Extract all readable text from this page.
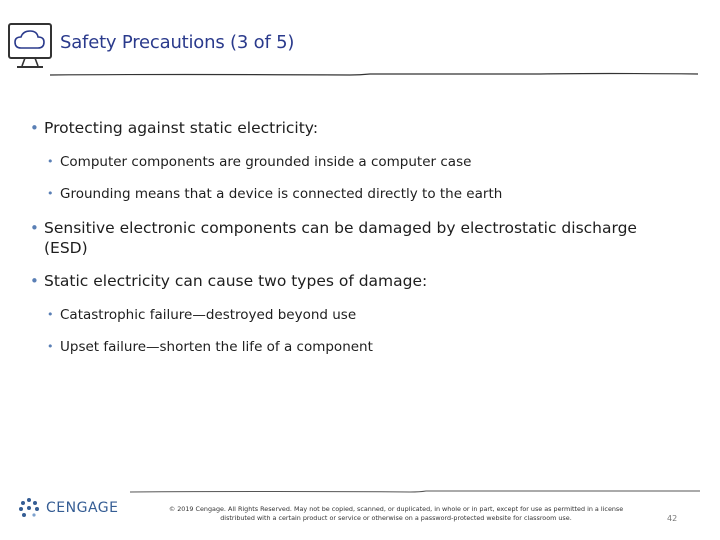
Safety Precautions (3 of 5)
• Protecting against static electricity:
• Computer components are grounded inside a computer case
• Grounding means that a device is connected directly to the earth
• Sensitive electronic components can be damaged by electrostatic discharge
(ESD)
• Static electricity can cause two types of damage:
• Catastrophic failure—destroyed beyond use
• Upset failure—shorten the life of a component
CENGAGE	© 2019 Cengage. All Rights Reserved. May not be copied, scanned, or duplicated, in whole or in part, except for use as permitted in a license
distributed with a certain product or service or otherwise on a password-protected website for classroom use.	42
